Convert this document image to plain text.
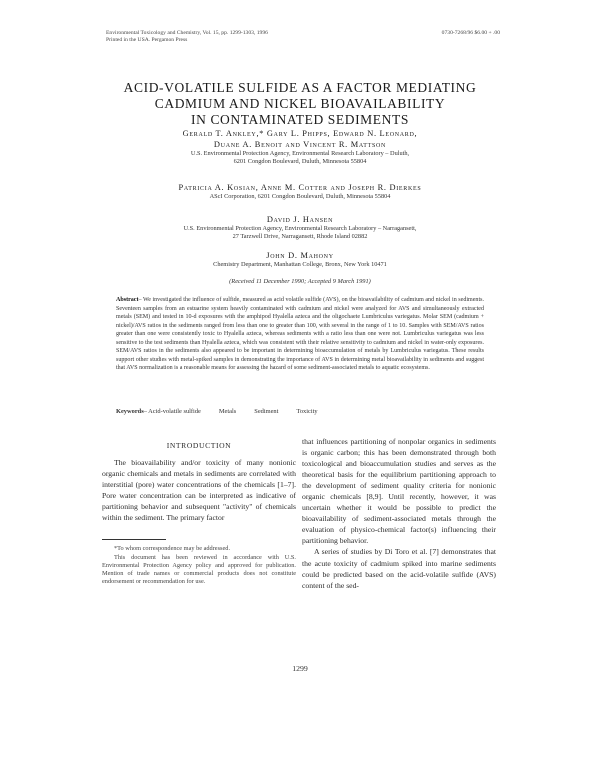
Environmental Toxicology and Chemistry, Vol. 15, pp. 1299-1303, 1996
Printed in the USA. Pergamon Press
0730-7268/96 $6.00 + .00
ACID-VOLATILE SULFIDE AS A FACTOR MEDIATING
CADMIUM AND NICKEL BIOAVAILABILITY
IN CONTAMINATED SEDIMENTS
Gerald T. Ankley,* Gary L. Phipps, Edward N. Leonard,
Duane A. Benoit and Vincent R. Mattson
U.S. Environmental Protection Agency, Environmental Research Laboratory – Duluth,
6201 Congdon Boulevard, Duluth, Minnesota 55804
Patricia A. Kosian, Anne M. Cotter and Joseph R. Dierkes
AScI Corporation, 6201 Congdon Boulevard, Duluth, Minnesota 55804
David J. Hansen
U.S. Environmental Protection Agency, Environmental Research Laboratory – Narragansett,
27 Tarzwell Drive, Narragansett, Rhode Island 02882
John D. Mahony
Chemistry Department, Manhattan College, Bronx, New York 10471
(Received 11 December 1990; Accepted 9 March 1991)
Abstract– We investigated the influence of sulfide, measured as acid volatile sulfide (AVS), on the bioavailability of cadmium and nickel in sediments. Seventeen samples from an estuarine system heavily contaminated with cadmium and nickel were analyzed for AVS and simultaneously extracted metals (SEM) and tested in 10-d exposures with the amphipod Hyalella azteca and the oligochaete Lumbriculus variegatus. Molar SEM (cadmium + nickel)/AVS ratios in the sediments ranged from less than one to greater than 100, with several in the range of 1 to 10. Samples with SEM/AVS ratios greater than one were consistently toxic to Hyalella azteca, whereas sediments with a ratio less than one were not. Lumbriculus variegatus was less sensitive to the test sediments than Hyalella azteca, which was consistent with their relative sensitivity to cadmium and nickel in water-only exposures. SEM/AVS ratios in the sediments also appeared to be important in determining bioaccumulation of metals by Lumbriculus variegatus. These results support other studies with metal-spiked samples in demonstrating the importance of AVS in determining metal bioavailability in sediments and suggest that AVS normalization is a reasonable means for assessing the hazard of some sediment-associated metals to aquatic ecosystems.
Keywords– Acid-volatile sulfide	Metals	Sediment	Toxicity
INTRODUCTION

The bioavailability and/or toxicity of many nonionic organic chemicals and metals in sediments are correlated with interstitial (pore) water concentrations of the chemicals [1–7]. Pore water concentration can be interpreted as indicative of partitioning behavior and subsequent "activity" of chemicals within the sediment. The primary factor

*To whom correspondence may be addressed.

This document has been reviewed in accordance with U.S. Environmental Protection Agency policy and approved for publication. Mention of trade names or commercial products does not constitute endorsement or recommendation for use.

that influences partitioning of nonpolar organics in sediments is organic carbon; this has been demonstrated through both toxicological and bioaccumulation studies and serves as the theoretical basis for the equilibrium partitioning approach to the development of sediment quality criteria for nonionic organic chemicals [8,9]. Until recently, however, it was uncertain whether it would be possible to predict the bioavailability of sediment-associated metals through the evaluation of physico-chemical factor(s) influencing their partitioning behavior.

A series of studies by Di Toro et al. [7] demonstrates that the acute toxicity of cadmium spiked into marine sediments could be predicted based on the acid-volatile sulfide (AVS) content of the sed-

1299
